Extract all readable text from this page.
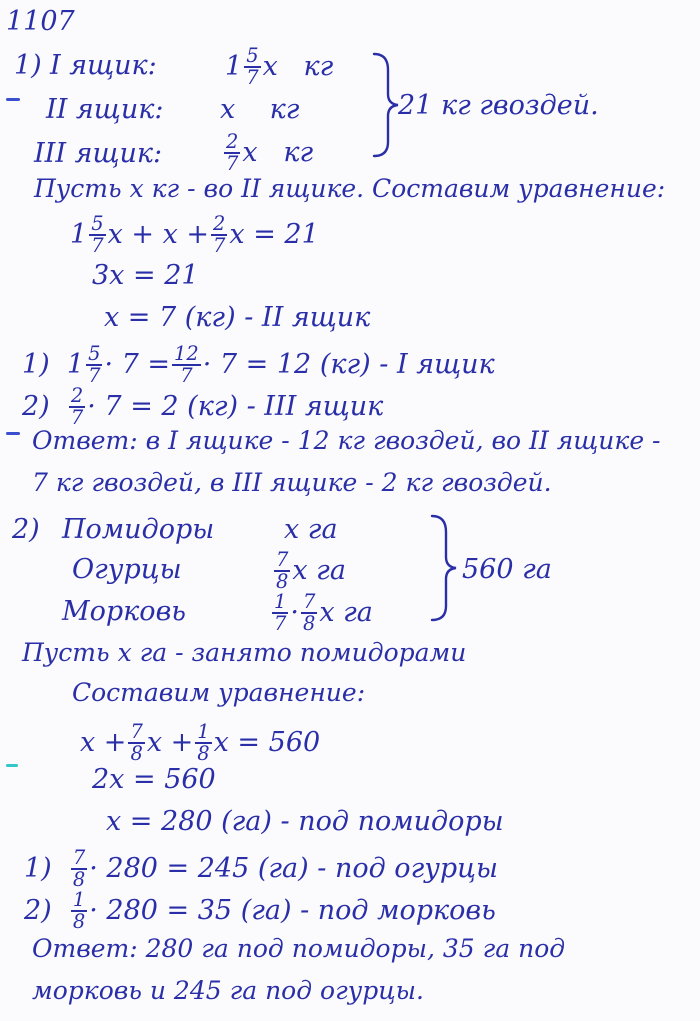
1107
1) I ящик:	$1 \frac{5}{7}$ x кг
II ящик: x кг
III ящик:	$\frac{2}{7}$ x кг
21 кг гвоздей.
Пусть x кг - во II ящике. Составим уравнение:
$1 \frac{5}{7}$ $x + x + \frac{2}{7}$ x = 21
3x = 21
x = 7 (кг) - II ящик
1) $1 \frac{5}{7} \cdot 7 = \frac{12}{7} \cdot 7 = 12$ (кг) - I ящик
$2) \frac{2}{7} \cdot 7 = 2$ (кг) - III ящик
Ответ: в I ящике - 12 кг гвоздей, во II ящике -
7 кг гвоздей, в III ящике - 2 кг гвоздей.
2) Помидоры	x га
Огурцы	$\frac{7}{8}$ x га
Морковь	$\frac{1}{7} \cdot \frac{7}{8}$ x га
560 га
Пусть x га - занято помидорами
Составим уравнение:
$x + \frac{7}{8}$ $x + \frac{1}{8}$ x = 560
2x = 560
x = 280 (га) - под помидоры
$1) \frac{7}{8} \cdot 280 = 245$ (га) - под огурцы
$2) \frac{1}{8} \cdot 280 = 35$ (га) - под морковь
Ответ: 280 га под помидоры, 35 га под
морковь и 245 га под огурцы.
